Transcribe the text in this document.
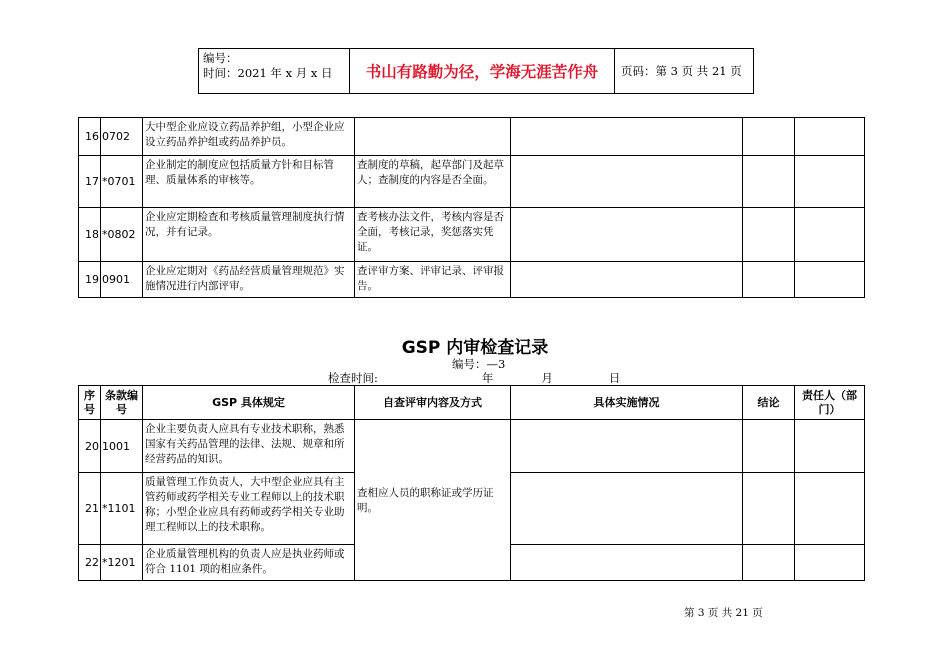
编号：
时间：2021 年 x 月 x 日	书山有路勤为径，学海无涯苦作舟	页码：第 3 页 共 21 页
16	0702	大中型企业应设立药品养护组，小型企业应设立药品养护组或药品养护员。				
17	*0701	企业制定的制度应包括质量方针和目标管理、质量体系的审核等。	查制度的草稿，起草部门及起草人；查制度的内容是否全面。			
18	*0802	企业应定期检查和考核质量管理制度执行情况，并有记录。	查考核办法文件，考核内容是否全面，考核记录，奖惩落实凭证。			
19	0901	企业应定期对《药品经营质量管理规范》实施情况进行内部评审。	查评审方案、评审记录、评审报告。			
GSP 内审检查记录
编号：—3
检查时间:	年	月	日
序号	条款编号	GSP 具体规定	自查评审内容及方式	具体实施情况	结论	责任人（部门）
20	1001	企业主要负责人应具有专业技术职称，熟悉国家有关药品管理的法律、法规、规章和所经营药品的知识。	查相应人员的职称证或学历证明。			
21	*1101	质量管理工作负责人，大中型企业应具有主管药师或药学相关专业工程师以上的技术职称；小型企业应具有药师或药学相关专业助理工程师以上的技术职称。				
22	*1201	企业质量管理机构的负责人应是执业药师或符合 1101 项的相应条件。				
第 3 页 共 21 页
